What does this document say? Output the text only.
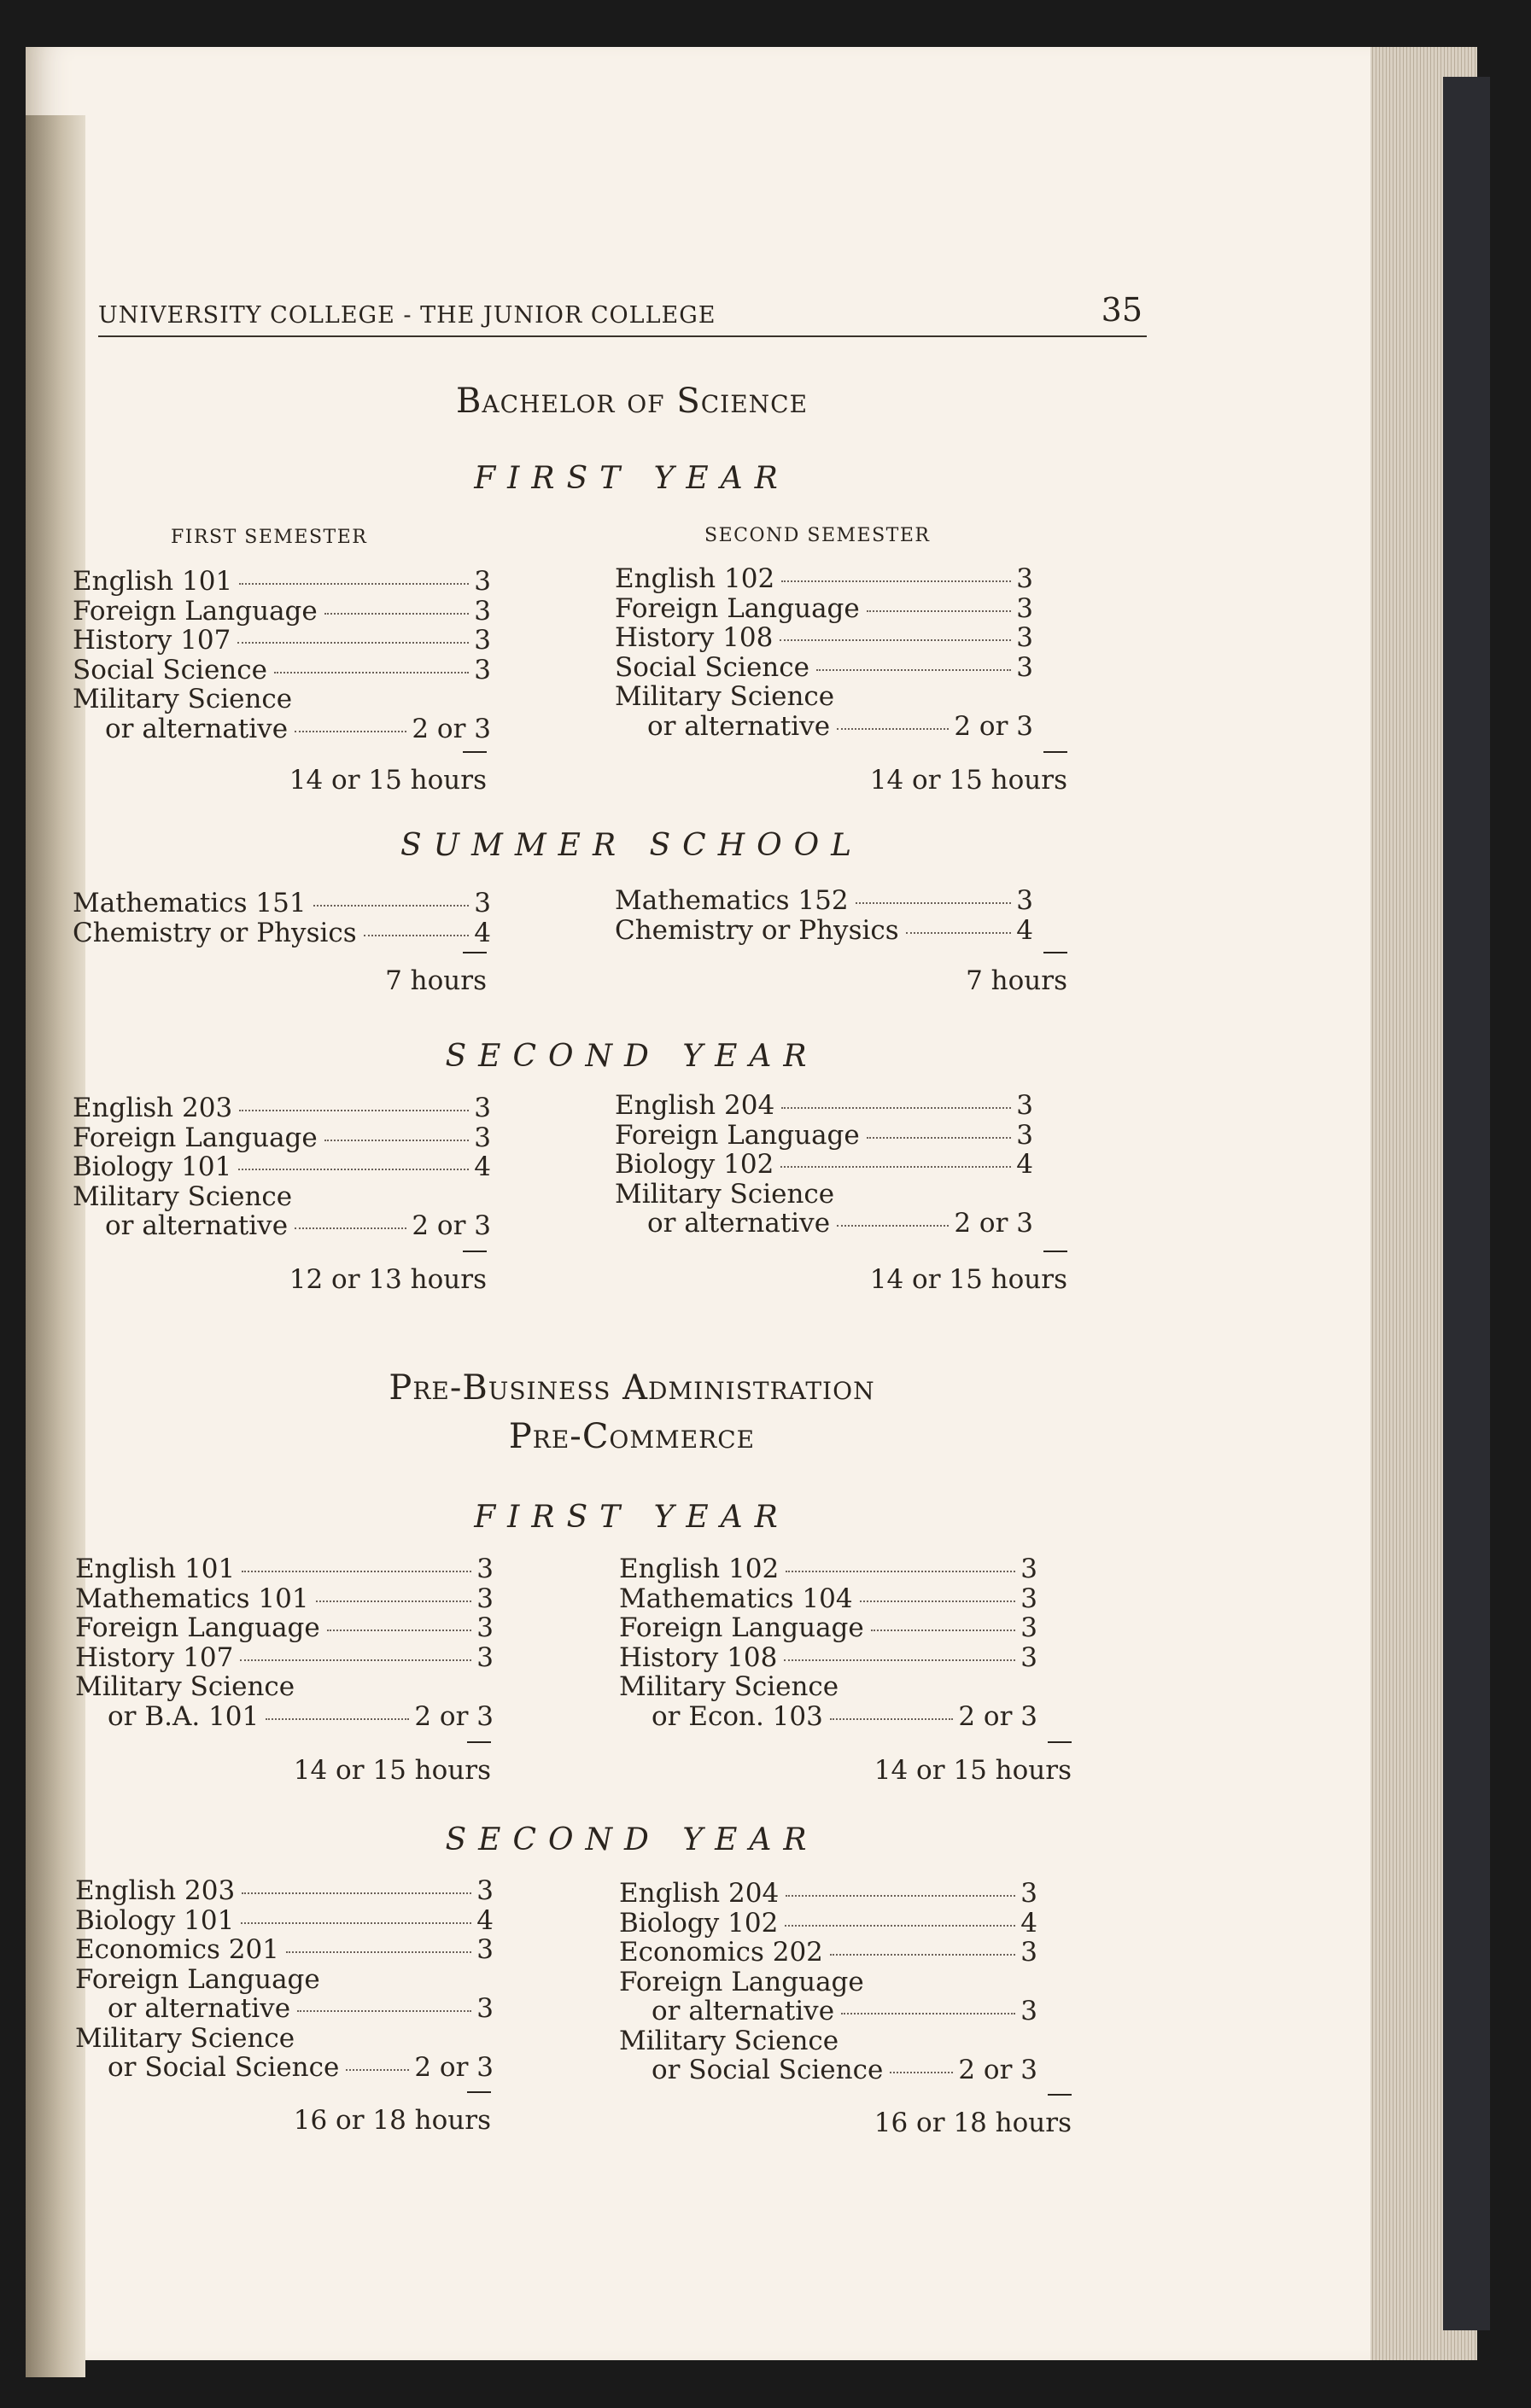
UNIVERSITY COLLEGE - THE JUNIOR COLLEGE	35
Bachelor of Science
FIRST YEAR
FIRST SEMESTER	SECOND SEMESTER
English 101	3
Foreign Language	3
History 107	3
Social Science	3
Military Science
or alternative	2 or 3
14 or 15 hours
English 102	3
Foreign Language	3
History 108	3
Social Science	3
Military Science
or alternative	2 or 3
14 or 15 hours
SUMMER SCHOOL
Mathematics 151	3
Chemistry or Physics	4
7 hours
Mathematics 152	3
Chemistry or Physics	4
7 hours
SECOND YEAR
English 203	3
Foreign Language	3
Biology 101	4
Military Science
or alternative	2 or 3
12 or 13 hours
English 204	3
Foreign Language	3
Biology 102	4
Military Science
or alternative	2 or 3
14 or 15 hours
Pre-Business Administration
Pre-Commerce
FIRST YEAR
English 101	3
Mathematics 101	3
Foreign Language	3
History 107	3
Military Science
or B.A. 101	2 or 3
14 or 15 hours
English 102	3
Mathematics 104	3
Foreign Language	3
History 108	3
Military Science
or Econ. 103	2 or 3
14 or 15 hours
SECOND YEAR
English 203	3
Biology 101	4
Economics 201	3
Foreign Language
or alternative	3
Military Science
or Social Science	2 or 3
16 or 18 hours
English 204	3
Biology 102	4
Economics 202	3
Foreign Language
or alternative	3
Military Science
or Social Science	2 or 3
16 or 18 hours
